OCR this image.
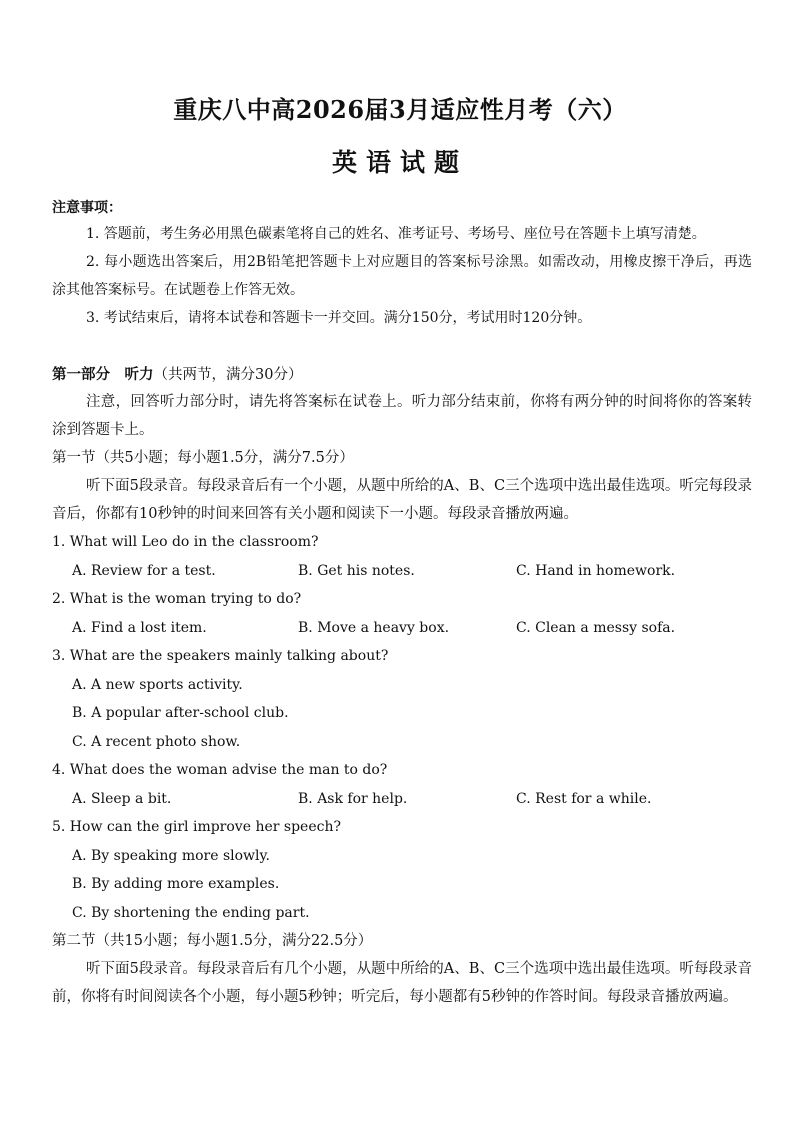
重庆八中高2026届3月适应性月考（六）
英语试题
注意事项：
1. 答题前，考生务必用黑色碳素笔将自己的姓名、准考证号、考场号、座位号在答题卡上填写清楚。
2. 每小题选出答案后，用2B铅笔把答题卡上对应题目的答案标号涂黑。如需改动，用橡皮擦干净后，再选涂其他答案标号。在试题卷上作答无效。
3. 考试结束后，请将本试卷和答题卡一并交回。满分150分，考试用时120分钟。
第一部分　听力（共两节，满分30分）
注意，回答听力部分时，请先将答案标在试卷上。听力部分结束前，你将有两分钟的时间将你的答案转涂到答题卡上。
第一节（共5小题；每小题1.5分，满分7.5分）
听下面5段录音。每段录音后有一个小题，从题中所给的A、B、C三个选项中选出最佳选项。听完每段录音后，你都有10秒钟的时间来回答有关小题和阅读下一小题。每段录音播放两遍。
1. What will Leo do in the classroom?
A. Review for a test.	B. Get his notes.	C. Hand in homework.
2. What is the woman trying to do?
A. Find a lost item.	B. Move a heavy box.	C. Clean a messy sofa.
3. What are the speakers mainly talking about?
A. A new sports activity.
B. A popular after-school club.
C. A recent photo show.
4. What does the woman advise the man to do?
A. Sleep a bit.	B. Ask for help.	C. Rest for a while.
5. How can the girl improve her speech?
A. By speaking more slowly.
B. By adding more examples.
C. By shortening the ending part.
第二节（共15小题；每小题1.5分，满分22.5分）
听下面5段录音。每段录音后有几个小题，从题中所给的A、B、C三个选项中选出最佳选项。听每段录音前，你将有时间阅读各个小题，每小题5秒钟；听完后，每小题都有5秒钟的作答时间。每段录音播放两遍。
